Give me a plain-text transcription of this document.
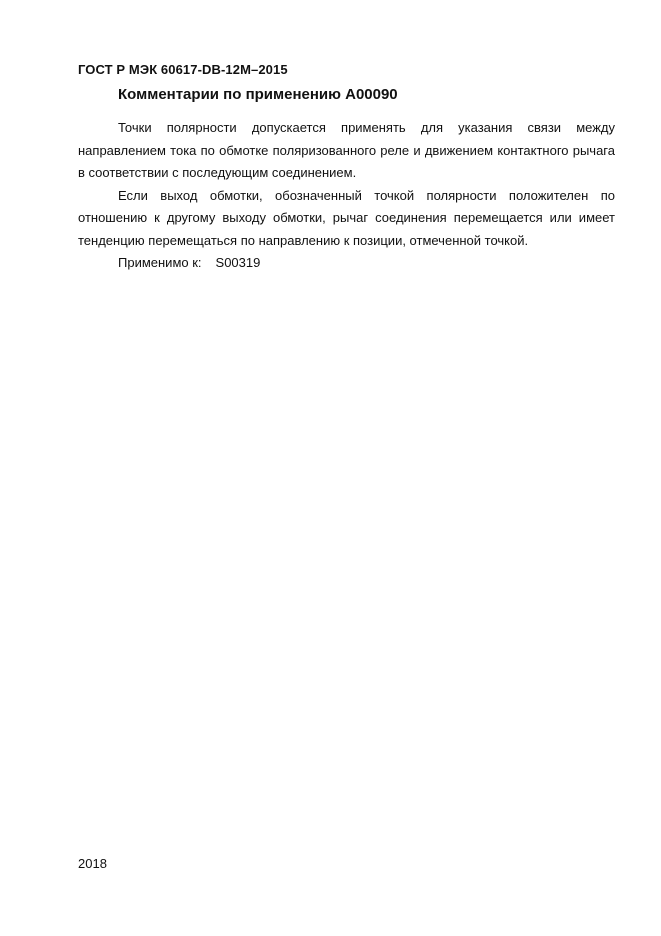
ГОСТ Р МЭК 60617-DB-12M–2015
Комментарии по применению A00090

Точки полярности допускается применять для указания связи между направлением тока по обмотке поляризованного реле и движением контактного рычага в соответствии с последующим соединением.

Если выход обмотки, обозначенный точкой полярности положителен по отношению к другому выходу обмотки, рычаг соединения перемещается или имеет тенденцию перемещаться по направлению к позиции, отмеченной точкой.

Применимо к: S00319

2018
